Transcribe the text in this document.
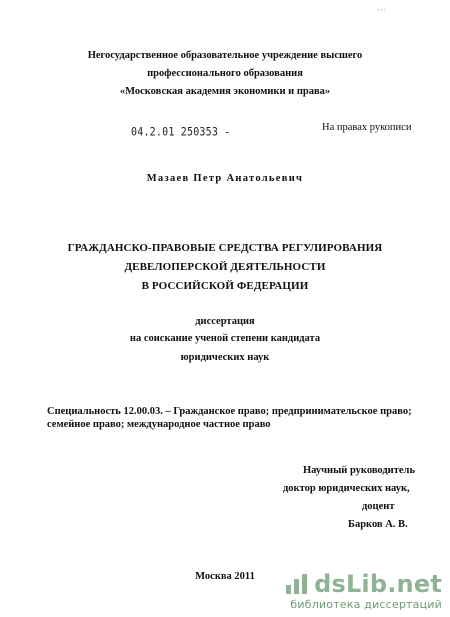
···
Негосударственное образовательное учреждение высшего
профессионального образования
«Московская академия экономики и права»
На правах рукописи
04.2.01 250353 -
Мазаев Петр Анатольевич
ГРАЖДАНСКО-ПРАВОВЫЕ СРЕДСТВА РЕГУЛИРОВАНИЯ
ДЕВЕЛОПЕРСКОЙ ДЕЯТЕЛЬНОСТИ
В РОССИЙСКОЙ ФЕДЕРАЦИИ
диссертация
на соискание ученой степени кандидата
юридических наук
Специальность 12.00.03. – Гражданское право; предпринимательское право;
семейное право; международное частное право
Научный руководитель
доктор юридических наук,
доцент
Барков А. В.
Москва 2011	dsLib.net
библиотека диссертаций
